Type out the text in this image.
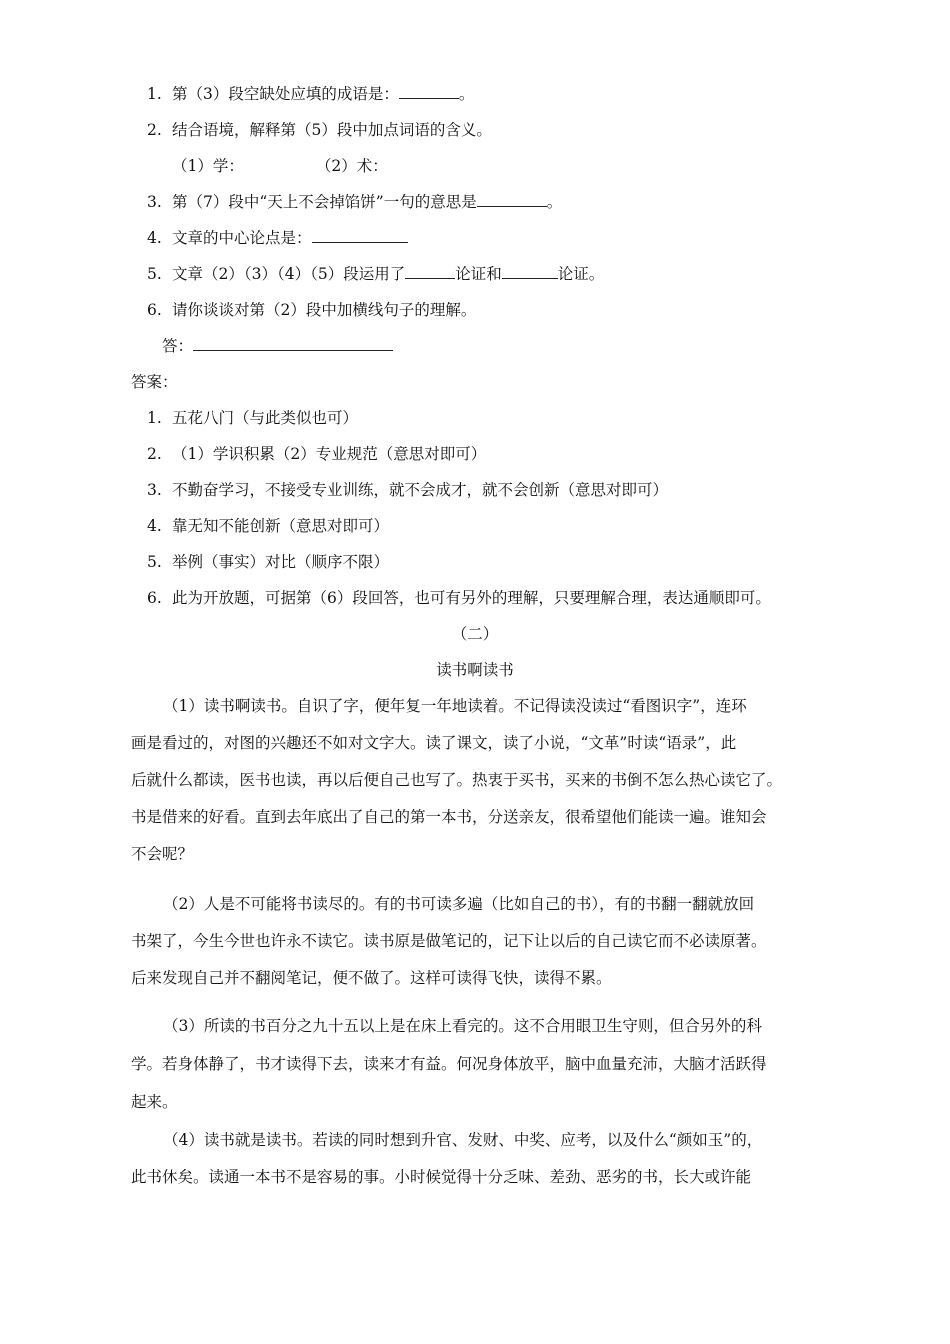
1. 第（3）段空缺处应填的成语是：	。
2. 结合语境，解释第（5）段中加点词语的含义。
（1）学：	（2）术：
3. 第（7）段中“天上不会掉馅饼”一句的意思是	。
4. 文章的中心论点是：
5. 文章（2）（3）（4）（5）段运用了	论证和	论证。
6. 请你谈谈对第（2）段中加横线句子的理解。
答：
答案：
1. 五花八门（与此类似也可）
2. （1）学识积累（2）专业规范（意思对即可）
3. 不勤奋学习，不接受专业训练，就不会成才，就不会创新（意思对即可）
4. 靠无知不能创新（意思对即可）
5. 举例（事实）对比（顺序不限）
6. 此为开放题，可据第（6）段回答，也可有另外的理解，只要理解合理，表达通顺即可。
（二）
读书啊读书
（1）读书啊读书。自识了字，便年复一年地读着。不记得读没读过“看图识字”，连环
画是看过的，对图的兴趣还不如对文字大。读了课文，读了小说，“文革”时读“语录”，此
后就什么都读，医书也读，再以后便自己也写了。热衷于买书，买来的书倒不怎么热心读它了。
书是借来的好看。直到去年底出了自己的第一本书，分送亲友，很希望他们能读一遍。谁知会
不会呢？
（2）人是不可能将书读尽的。有的书可读多遍（比如自己的书），有的书翻一翻就放回
书架了，今生今世也许永不读它。读书原是做笔记的，记下让以后的自己读它而不必读原著。
后来发现自己并不翻阅笔记，便不做了。这样可读得飞快，读得不累。
（3）所读的书百分之九十五以上是在床上看完的。这不合用眼卫生守则，但合另外的科
学。若身体静了，书才读得下去，读来才有益。何况身体放平，脑中血量充沛，大脑才活跃得
起来。
（4）读书就是读书。若读的同时想到升官、发财、中奖、应考，以及什么“颜如玉”的，
此书休矣。读通一本书不是容易的事。小时候觉得十分乏味、差劲、恶劣的书，长大或许能
